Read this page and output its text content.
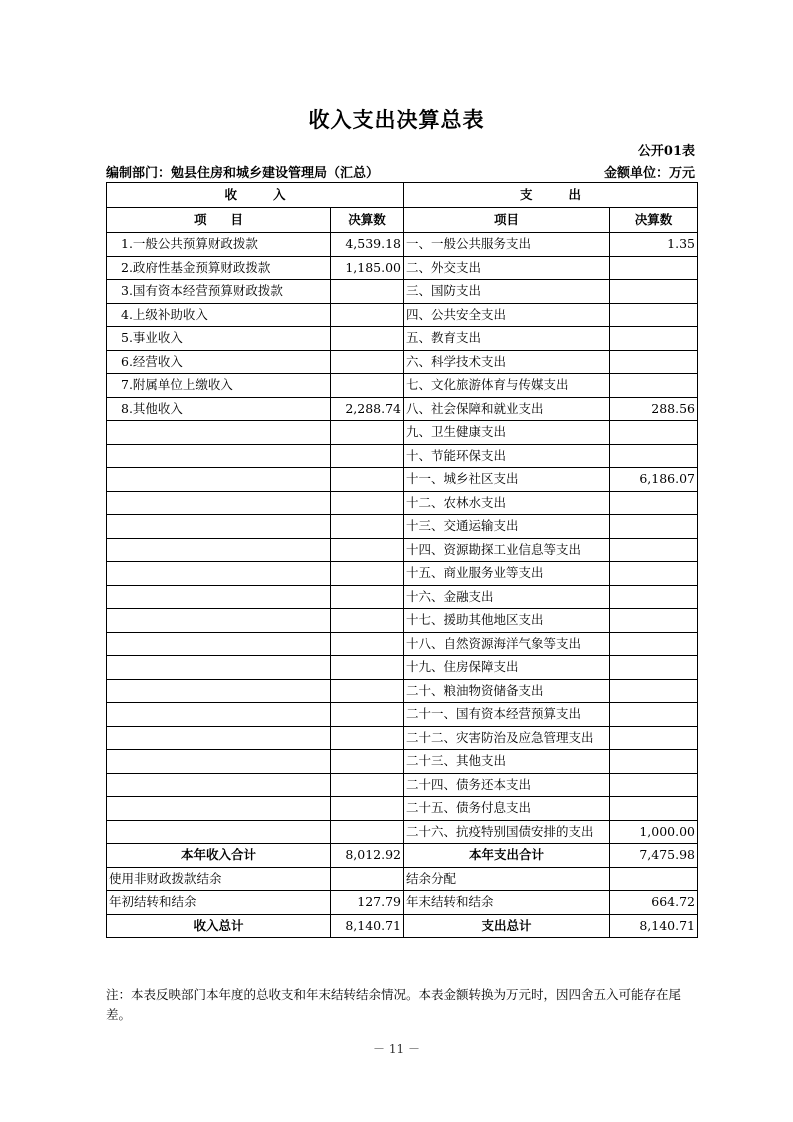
收入支出决算总表
公开01表
编制部门：勉县住房和城乡建设管理局（汇总）	金额单位：万元
收 入		支 出	
项 目	决算数	项目	决算数
1.一般公共预算财政拨款	4,539.18	一、一般公共服务支出	1.35
2.政府性基金预算财政拨款	1,185.00	二、外交支出	
3.国有资本经营预算财政拨款		三、国防支出	
4.上级补助收入		四、公共安全支出	
5.事业收入		五、教育支出	
6.经营收入		六、科学技术支出	
7.附属单位上缴收入		七、文化旅游体育与传媒支出	
8.其他收入	2,288.74	八、社会保障和就业支出	288.56
		九、卫生健康支出	
		十、节能环保支出	
		十一、城乡社区支出	6,186.07
		十二、农林水支出	
		十三、交通运输支出	
		十四、资源勘探工业信息等支出	
		十五、商业服务业等支出	
		十六、金融支出	
		十七、援助其他地区支出	
		十八、自然资源海洋气象等支出	
		十九、住房保障支出	
		二十、粮油物资储备支出	
		二十一、国有资本经营预算支出	
		二十二、灾害防治及应急管理支出	
		二十三、其他支出	
		二十四、债务还本支出	
		二十五、债务付息支出	
		二十六、抗疫特别国债安排的支出	1,000.00
本年收入合计	8,012.92	本年支出合计	7,475.98
使用非财政拨款结余		结余分配	
年初结转和结余	127.79	年末结转和结余	664.72
收入总计	8,140.71	支出总计	8,140.71
注：本表反映部门本年度的总收支和年末结转结余情况。本表金额转换为万元时，因四舍五入可能存在尾差。
－ 11 －
